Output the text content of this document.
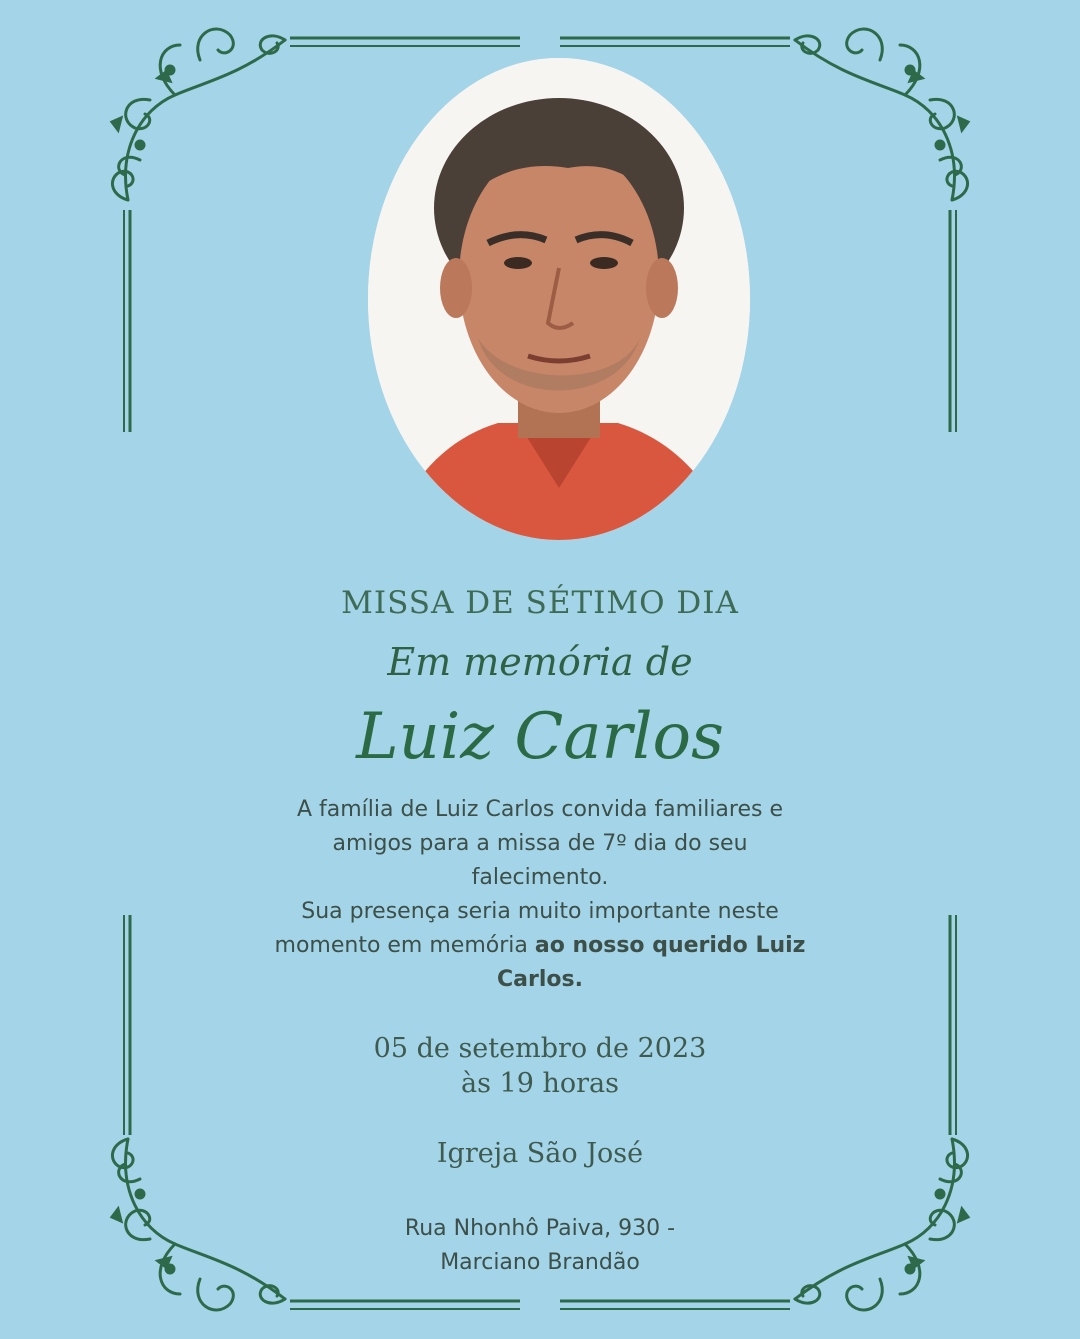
MISSA DE SÉTIMO DIA
Em memória de
Luiz Carlos
A família de Luiz Carlos convida familiares e
amigos para a missa de 7º dia do seu
falecimento.
Sua presença seria muito importante neste
momento em memória ao nosso querido Luiz
Carlos.
05 de setembro de 2023
às 19 horas
Igreja São José
Rua Nhonhô Paiva, 930 -
Marciano Brandão
